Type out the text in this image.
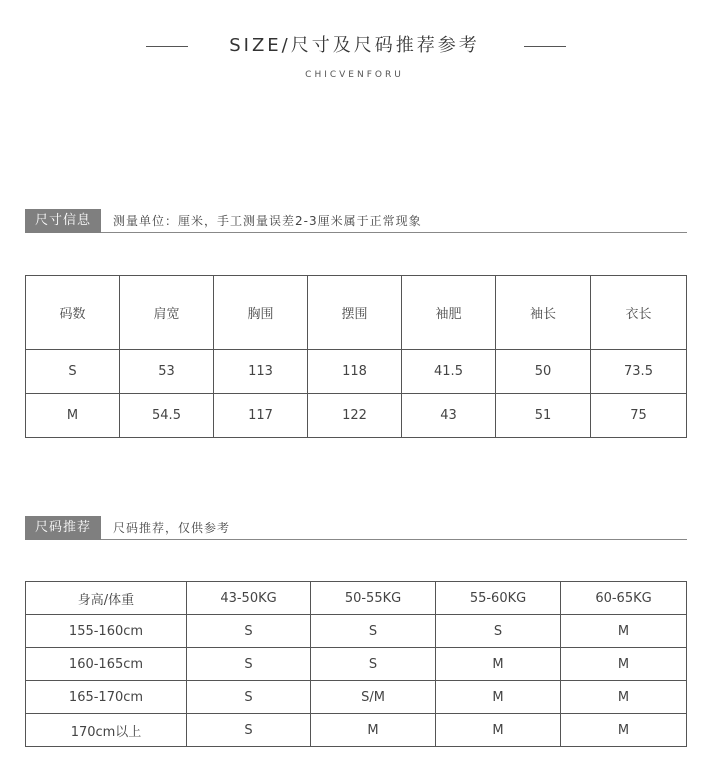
SIZE/尺寸及尺码推荐参考
CHICVENFORU
尺寸信息	测量单位：厘米，手工测量误差2-3厘米属于正常现象
码数	肩宽	胸围	摆围	袖肥	袖长	衣长
S	53	113	118	41.5	50	73.5
M	54.5	117	122	43	51	75
尺码推荐	尺码推荐，仅供参考
身高/体重	43-50KG	50-55KG	55-60KG	60-65KG
155-160cm	S	S	S	M
160-165cm	S	S	M	M
165-170cm	S	S/M	M	M
170cm以上	S	M	M	M
